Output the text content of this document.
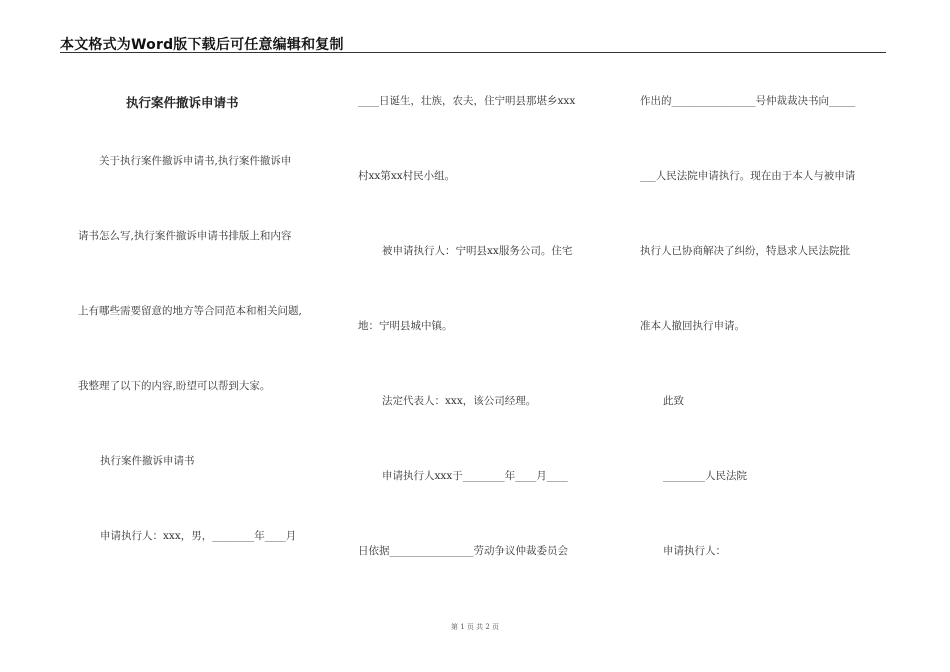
本文格式为Word版下载后可任意编辑和复制
执行案件撤诉申请书
关于执行案件撤诉申请书,执行案件撤诉申
请书怎么写,执行案件撤诉申请书排版上和内容
上有哪些需要留意的地方等合同范本和相关问题,
我整理了以下的内容,盼望可以帮到大家。
执行案件撤诉申请书
申请执行人：xxx，男，________年____月
____日诞生，壮族，农夫，住宁明县那堪乡xxx
村xx第xx村民小组。
被申请执行人：宁明县xx服务公司。住宅
地：宁明县城中镇。
法定代表人：xxx，该公司经理。
申请执行人xxx于________年____月____
日依据________________劳动争议仲裁委员会
作出的________________号仲裁裁决书向_____
___人民法院申请执行。现在由于本人与被申请
执行人已协商解决了纠纷，特恳求人民法院批
准本人撤回执行申请。
此致
________人民法院
申请执行人：
第 1 页 共 2 页
